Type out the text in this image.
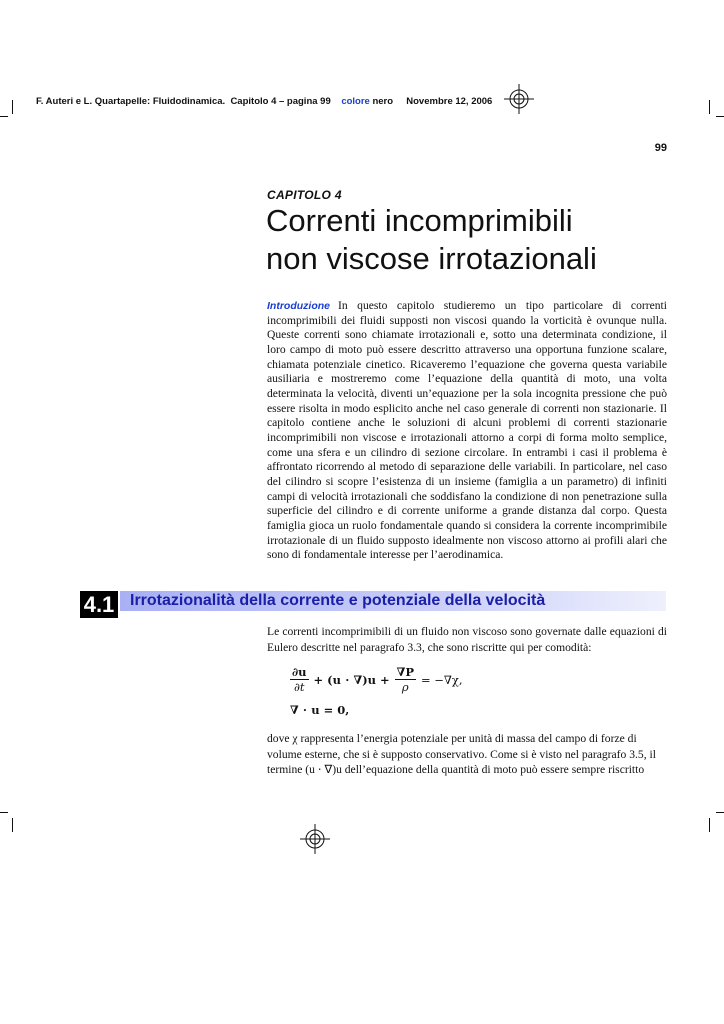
F. Auteri e L. Quartapelle: Fluidodinamica. Capitolo 4 – pagina 99 colore nero Novembre 12, 2006
99
CAPITOLO 4
Correnti incomprimibili
non viscose irrotazionali
Introduzione In questo capitolo studieremo un tipo particolare di correnti incomprimibili dei fluidi supposti non viscosi quando la vorticità è ovunque nulla. Queste correnti sono chiamate irrotazionali e, sotto una determinata condizione, il loro campo di moto può essere descritto attraverso una opportuna funzione scalare, chiamata potenziale cinetico. Ricaveremo l’equazione che governa questa variabile ausiliaria e mostreremo come l’equazione della quantità di moto, una volta determinata la velocità, diventi un’equazione per la sola incognita pressione che può essere risolta in modo esplicito anche nel caso generale di correnti non stazionarie. Il capitolo contiene anche le soluzioni di alcuni problemi di correnti stazionarie incomprimibili non viscose e irrotazionali attorno a corpi di forma molto semplice, come una sfera e un cilindro di sezione circolare. In entrambi i casi il problema è affrontato ricorrendo al metodo di separazione delle variabili. In particolare, nel caso del cilindro si scopre l’esistenza di un insieme (famiglia a un parametro) di infiniti campi di velocità irrotazionali che soddisfano la condizione di non penetrazione sulla superficie del cilindro e di corrente uniforme a grande distanza dal corpo. Questa famiglia gioca un ruolo fondamentale quando si considera la corrente incomprimibile irrotazionale di un fluido supposto idealmente non viscoso attorno ai profili alari che sono di fondamentale interesse per l’aerodinamica.
4.1 Irrotazionalità della corrente e potenziale della velocità
Le correnti incomprimibili di un fluido non viscoso sono governate dalle equazioni di Eulero descritte nel paragrafo 3.3, che sono riscritte qui per comodità:
$\frac{\partial u}{\partial t} + (u \cdot \nabla)u + \frac{\nabla P}{\rho} = -\nabla\chi$,
∇ ⋅ u = 0,
dove χ rappresenta l’energia potenziale per unità di massa del campo di forze di
volume esterne, che si è supposto conservativo. Come si è visto nel paragrafo 3.5, il
termine (u ⋅ ∇)u dell’equazione della quantità di moto può essere sempre riscritto
